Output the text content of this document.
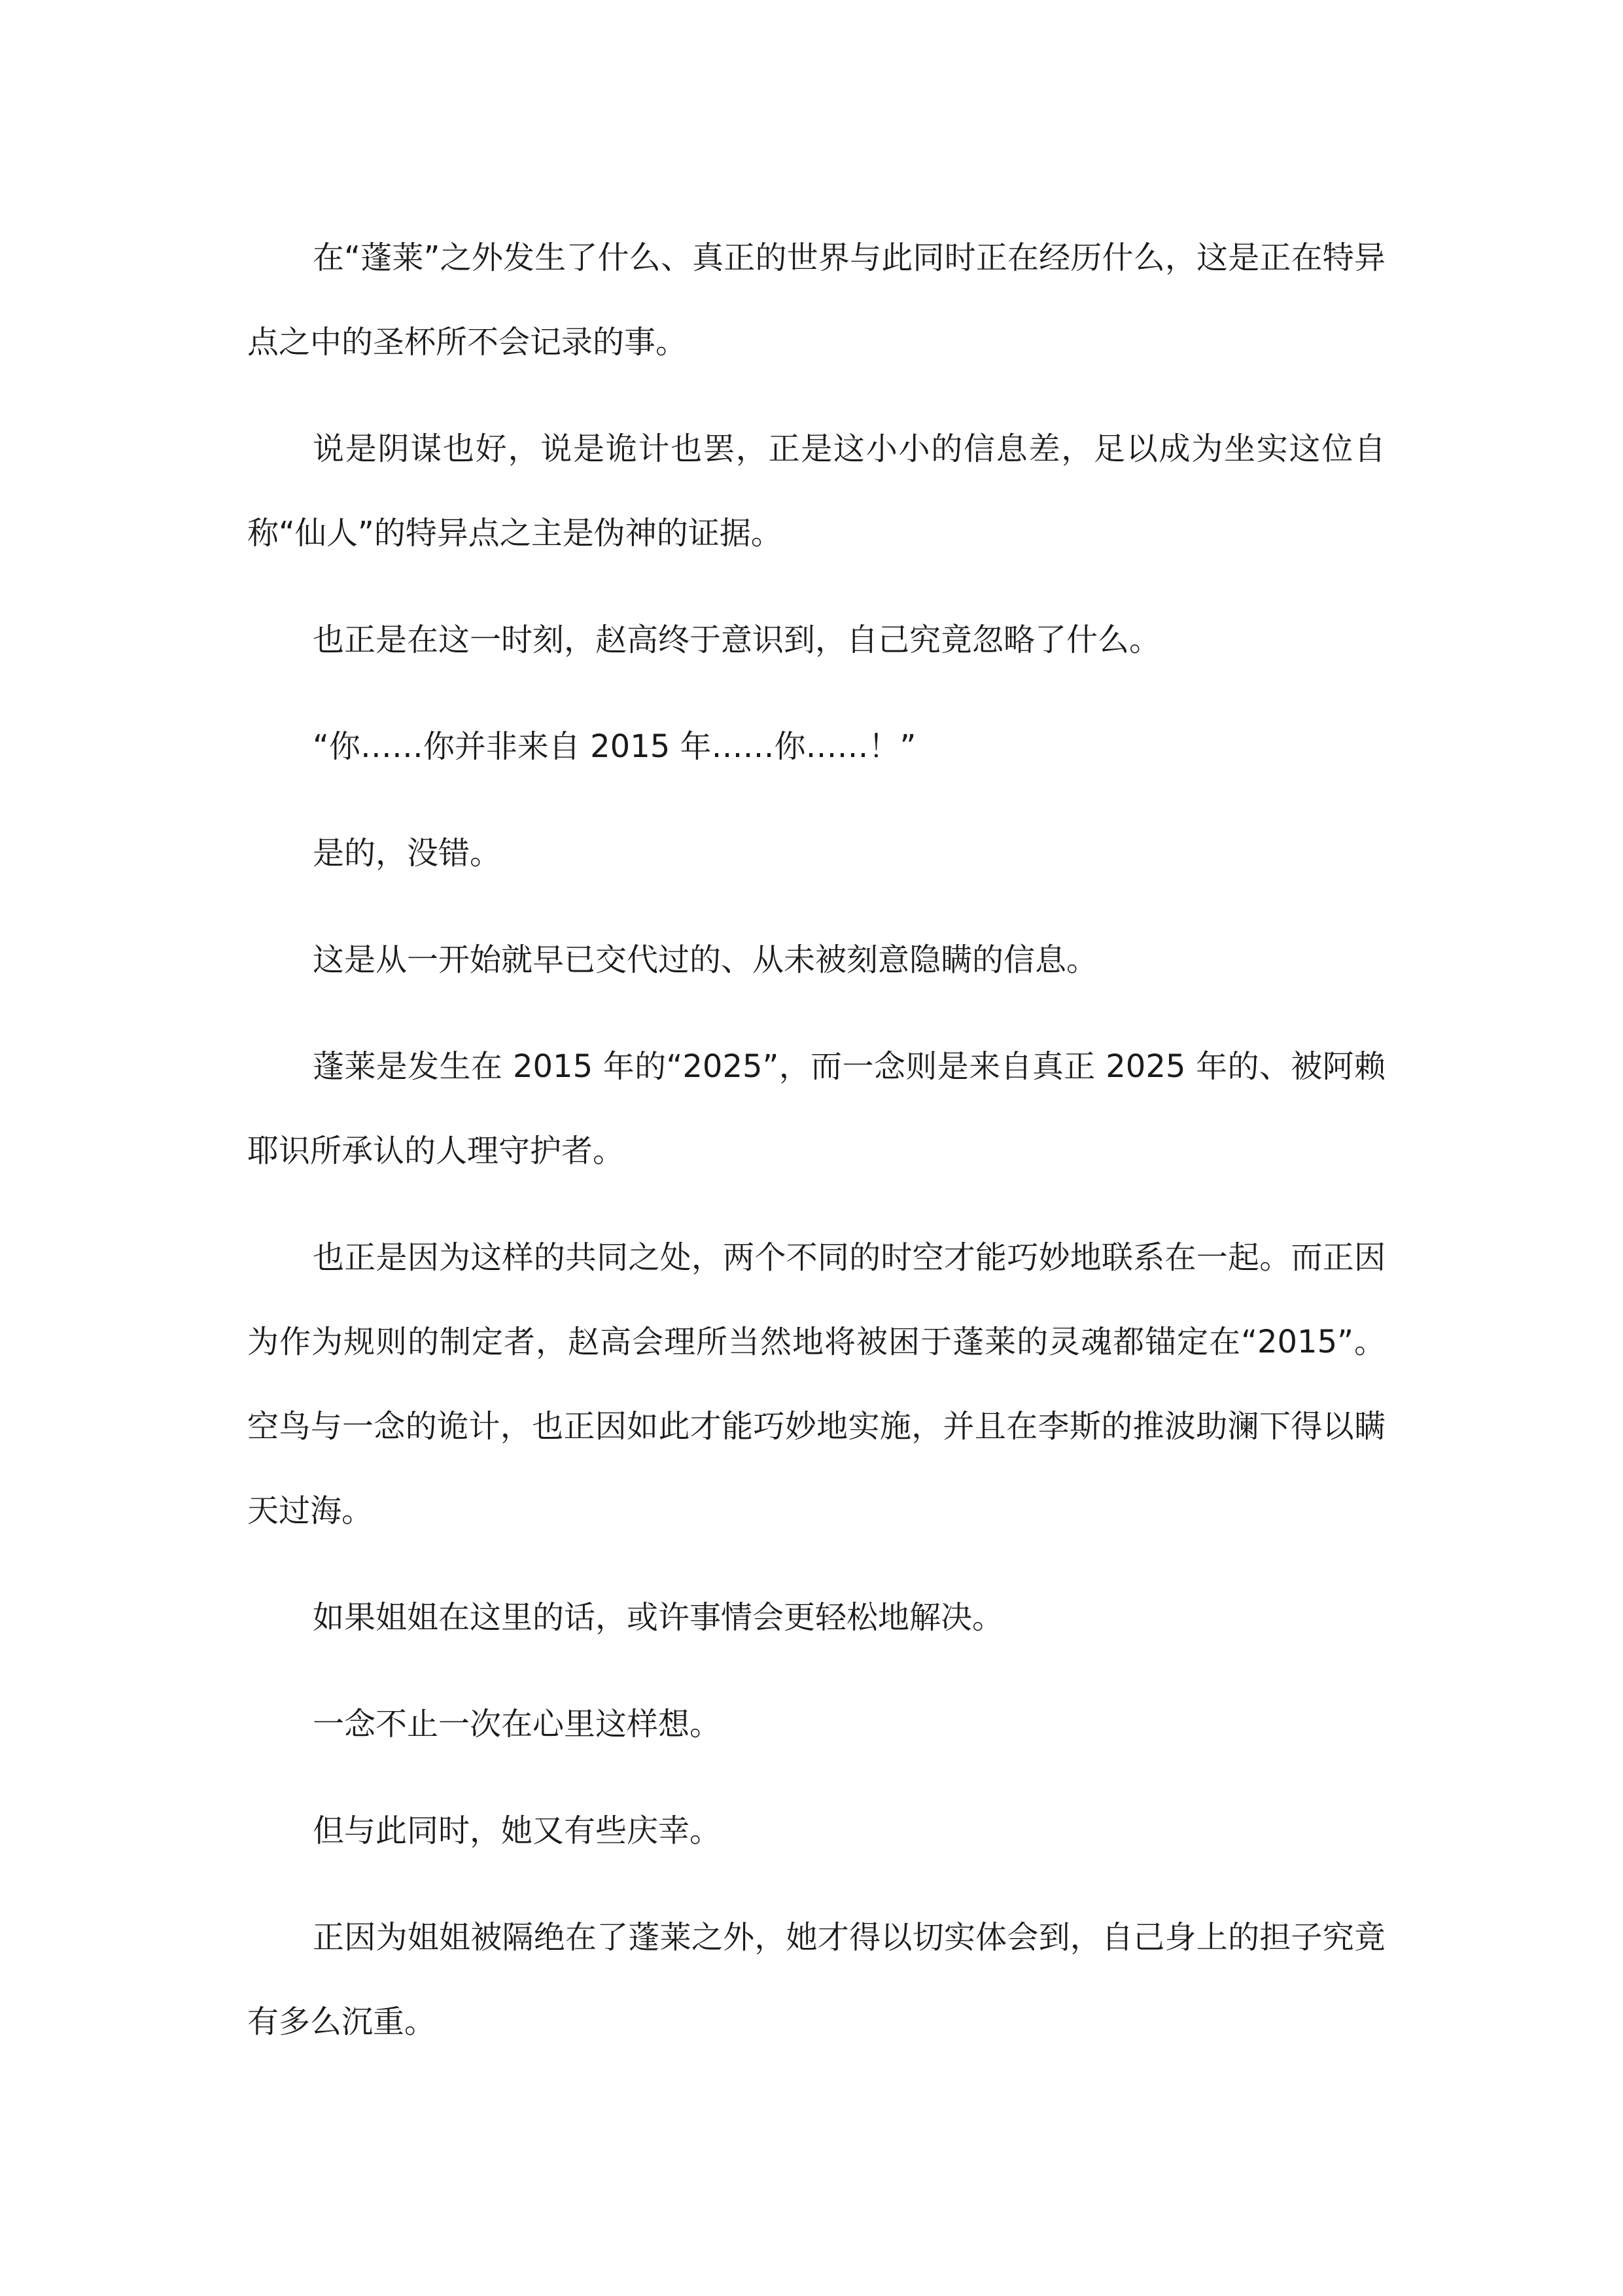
在“蓬莱”之外发生了什么、真正的世界与此同时正在经历什么，这是正在特异点之中的圣杯所不会记录的事。

说是阴谋也好，说是诡计也罢，正是这小小的信息差，足以成为坐实这位自称“仙人”的特异点之主是伪神的证据。

也正是在这一时刻，赵高终于意识到，自己究竟忽略了什么。

“你……你并非来自 2015 年……你……！”

是的，没错。

这是从一开始就早已交代过的、从未被刻意隐瞒的信息。

蓬莱是发生在 2015 年的“2025”，而一念则是来自真正 2025 年的、被阿赖耶识所承认的人理守护者。

也正是因为这样的共同之处，两个不同的时空才能巧妙地联系在一起。而正因为作为规则的制定者，赵高会理所当然地将被困于蓬莱的灵魂都锚定在“2015”。空鸟与一念的诡计，也正因如此才能巧妙地实施，并且在李斯的推波助澜下得以瞒天过海。

如果姐姐在这里的话，或许事情会更轻松地解决。

一念不止一次在心里这样想。

但与此同时，她又有些庆幸。

正因为姐姐被隔绝在了蓬莱之外，她才得以切实体会到，自己身上的担子究竟有多么沉重。
